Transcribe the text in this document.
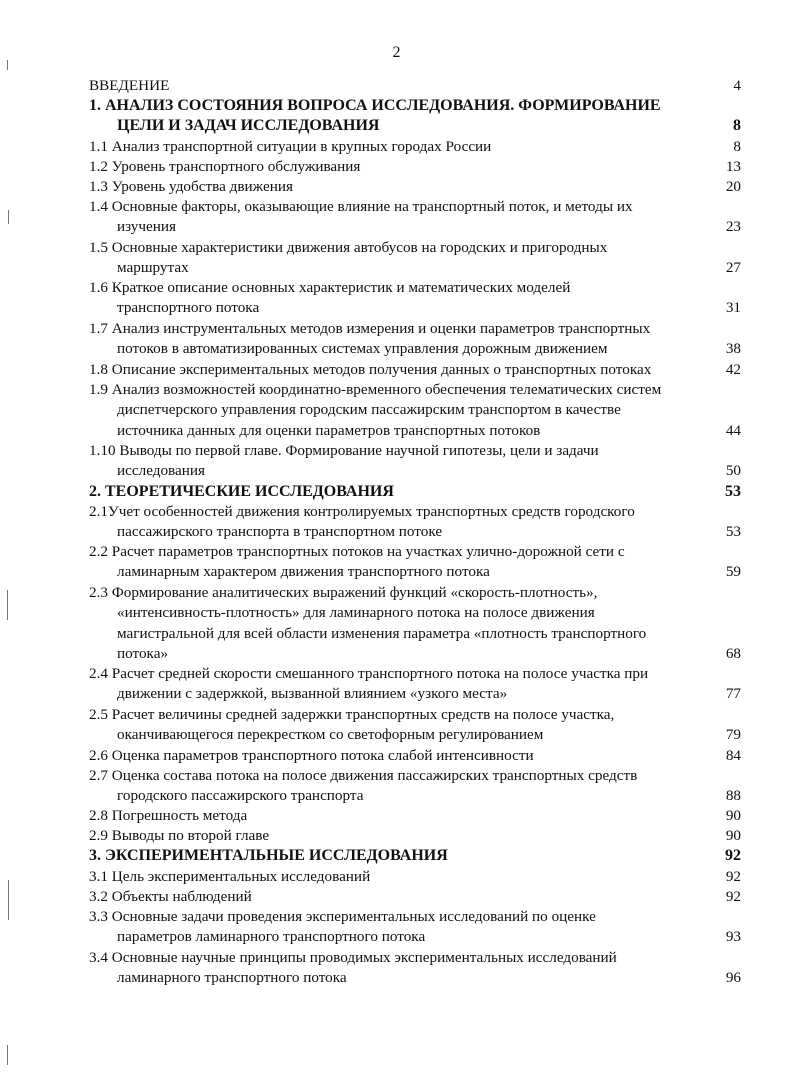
2
ВВЕДЕНИЕ	4
1. АНАЛИЗ СОСТОЯНИЯ ВОПРОСА ИССЛЕДОВАНИЯ. ФОРМИРОВАНИЕ
ЦЕЛИ И ЗАДАЧ ИССЛЕДОВАНИЯ	8
1.1 Анализ транспортной ситуации в крупных городах России	8
1.2 Уровень транспортного обслуживания	13
1.3 Уровень удобства движения	20
1.4 Основные факторы, оказывающие влияние на транспортный поток, и методы их
изучения	23
1.5 Основные характеристики движения автобусов на городских и пригородных
маршрутах	27
1.6 Краткое описание основных характеристик и математических моделей
транспортного потока	31
1.7 Анализ инструментальных методов измерения и оценки параметров транспортных
потоков в автоматизированных системах управления дорожным движением	38
1.8 Описание экспериментальных методов получения данных о транспортных потоках	42
1.9 Анализ возможностей координатно-временного обеспечения телематических систем
диспетчерского управления городским пассажирским транспортом в качестве
источника данных для оценки параметров транспортных потоков	44
1.10 Выводы по первой главе. Формирование научной гипотезы, цели и задачи
исследования	50
2. ТЕОРЕТИЧЕСКИЕ ИССЛЕДОВАНИЯ	53
2.1Учет особенностей движения контролируемых транспортных средств городского
пассажирского транспорта в транспортном потоке	53
2.2 Расчет параметров транспортных потоков на участках улично-дорожной сети с
ламинарным характером движения транспортного потока	59
2.3 Формирование аналитических выражений функций «скорость-плотность»,
«интенсивность-плотность» для ламинарного потока на полосе движения
магистральной для всей области изменения параметра «плотность транспортного
потока»	68
2.4 Расчет средней скорости смешанного транспортного потока на полосе участка при
движении с задержкой, вызванной влиянием «узкого места»	77
2.5 Расчет величины средней задержки транспортных средств на полосе участка,
оканчивающегося перекрестком со светофорным регулированием	79
2.6 Оценка параметров транспортного потока слабой интенсивности	84
2.7 Оценка состава потока на полосе движения пассажирских транспортных средств
городского пассажирского транспорта	88
2.8 Погрешность метода	90
2.9 Выводы по второй главе	90
3. ЭКСПЕРИМЕНТАЛЬНЫЕ ИССЛЕДОВАНИЯ	92
3.1 Цель экспериментальных исследований	92
3.2 Объекты наблюдений	92
3.3 Основные задачи проведения экспериментальных исследований по оценке
параметров ламинарного транспортного потока	93
3.4 Основные научные принципы проводимых экспериментальных исследований
ламинарного транспортного потока	96
